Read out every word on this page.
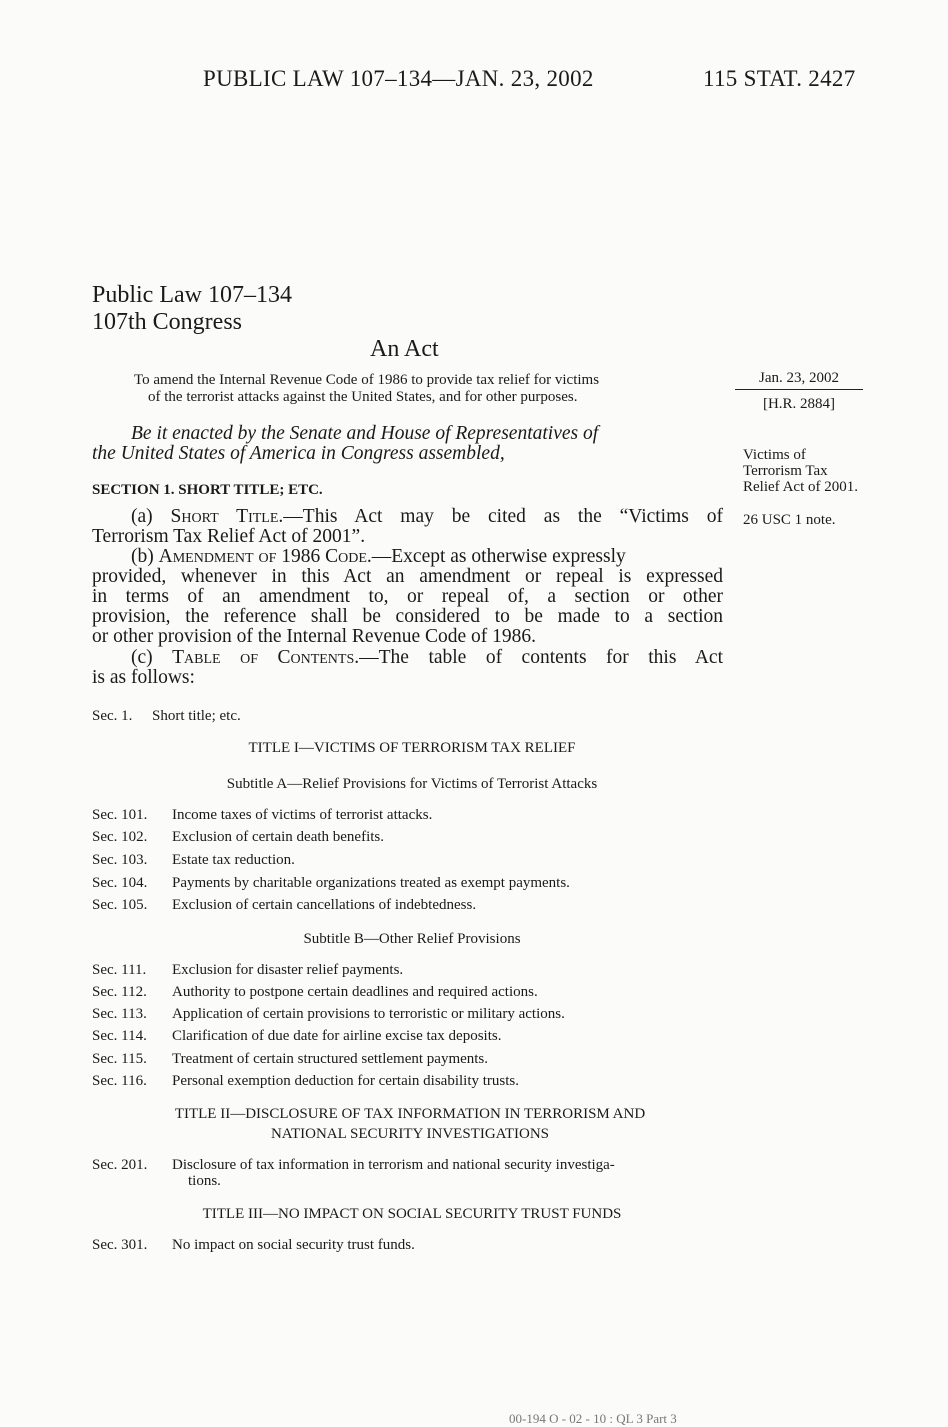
PUBLIC LAW 107–134—JAN. 23, 2002	115 STAT. 2427
Public Law 107–134
107th Congress
An Act
To amend the Internal Revenue Code of 1986 to provide tax relief for victims
of the terrorist attacks against the United States, and for other purposes.
Jan. 23, 2002
[H.R. 2884]
Victims of Terrorism Tax Relief Act of 2001.
26 USC 1 note.
Be it enacted by the Senate and House of Representatives of
the United States of America in Congress assembled,
SECTION 1. SHORT TITLE; ETC.
(a) Short Title.—This Act may be cited as the “Victims of
Terrorism Tax Relief Act of 2001”.
(b) Amendment of 1986 Code.—Except as otherwise expressly
provided, whenever in this Act an amendment or repeal is expressed
in terms of an amendment to, or repeal of, a section or other
provision, the reference shall be considered to be made to a section
or other provision of the Internal Revenue Code of 1986.
(c) Table of Contents.—The table of contents for this Act
is as follows:
Sec. 1. Short title; etc.
TITLE I—VICTIMS OF TERRORISM TAX RELIEF
Subtitle A—Relief Provisions for Victims of Terrorist Attacks
Sec. 101. Income taxes of victims of terrorist attacks.
Sec. 102. Exclusion of certain death benefits.
Sec. 103. Estate tax reduction.
Sec. 104. Payments by charitable organizations treated as exempt payments.
Sec. 105. Exclusion of certain cancellations of indebtedness.
Subtitle B—Other Relief Provisions
Sec. 111. Exclusion for disaster relief payments.
Sec. 112. Authority to postpone certain deadlines and required actions.
Sec. 113. Application of certain provisions to terroristic or military actions.
Sec. 114. Clarification of due date for airline excise tax deposits.
Sec. 115. Treatment of certain structured settlement payments.
Sec. 116. Personal exemption deduction for certain disability trusts.
TITLE II—DISCLOSURE OF TAX INFORMATION IN TERRORISM AND
NATIONAL SECURITY INVESTIGATIONS
Sec. 201. Disclosure of tax information in terrorism and national security investiga-
tions.
TITLE III—NO IMPACT ON SOCIAL SECURITY TRUST FUNDS
Sec. 301. No impact on social security trust funds.
00-194 O - 02 - 10 : QL 3 Part 3
